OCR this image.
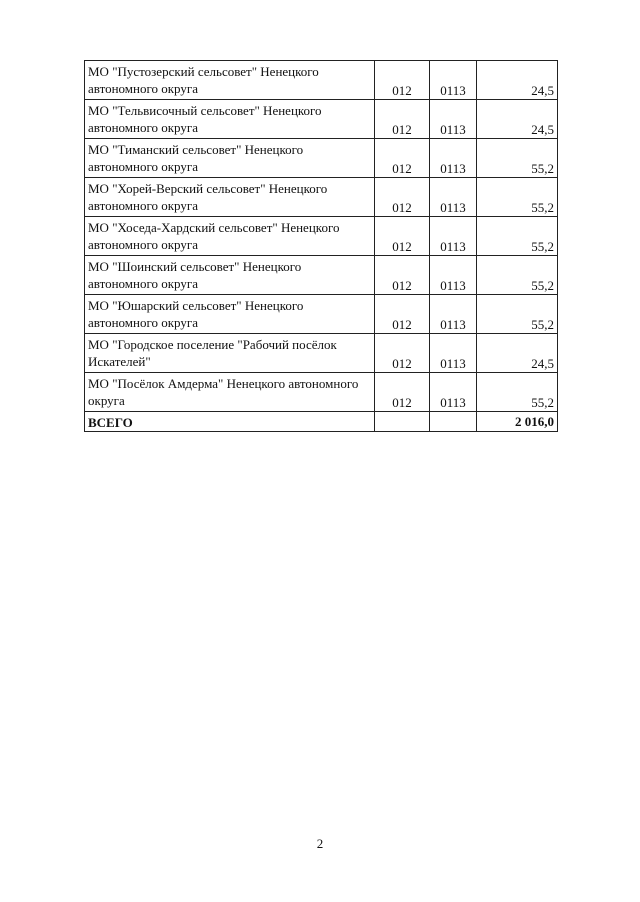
МО "Пустозерский сельсовет" Ненецкого
автономного округа	012	0113	24,5
МО "Тельвисочный сельсовет" Ненецкого
автономного округа	012	0113	24,5
МО "Тиманский сельсовет" Ненецкого
автономного округа	012	0113	55,2
МО "Хорей-Верский сельсовет" Ненецкого
автономного округа	012	0113	55,2
МО "Хоседа-Хардский сельсовет" Ненецкого
автономного округа	012	0113	55,2
МО "Шоинский сельсовет" Ненецкого
автономного округа	012	0113	55,2
МО "Юшарский сельсовет" Ненецкого
автономного округа	012	0113	55,2
МО "Городское поселение "Рабочий посёлок
Искателей"	012	0113	24,5
МО "Посёлок Амдерма" Ненецкого автономного
округа	012	0113	55,2
ВСЕГО			2 016,0
2
